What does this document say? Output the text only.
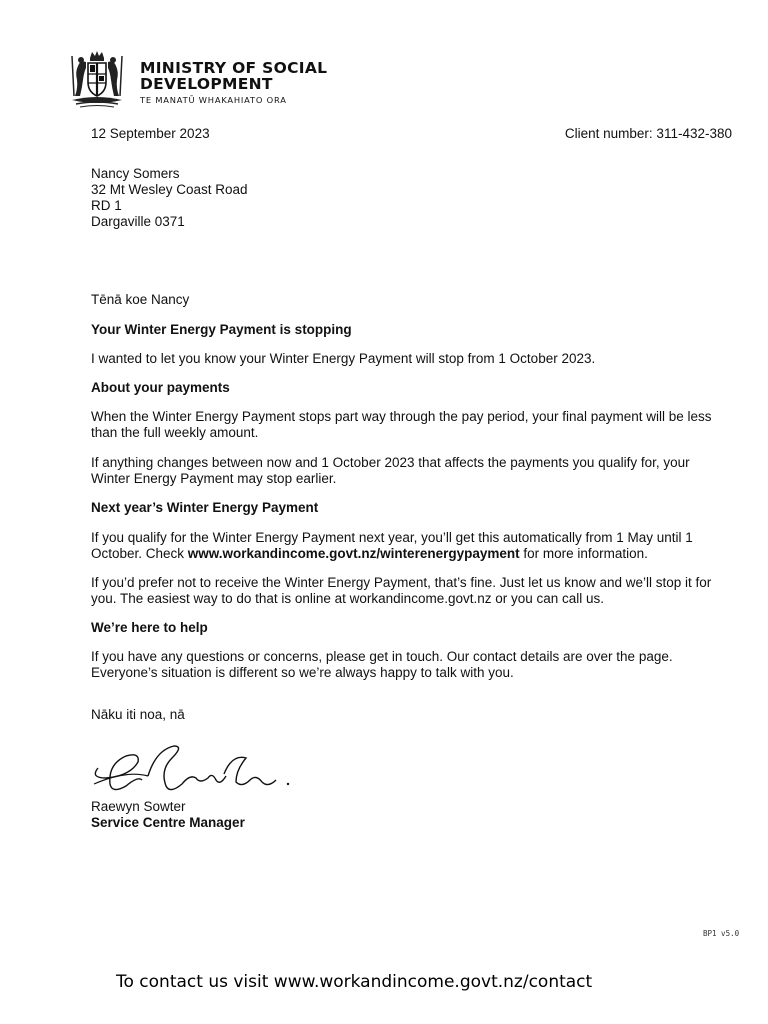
MINISTRY OF SOCIAL
DEVELOPMENT
TE MANATŪ WHAKAHIATO ORA

12 September 2023	Client number: 311-432-380

Nancy Somers
32 Mt Wesley Coast Road
RD 1
Dargaville 0371

Tēnā koe Nancy

Your Winter Energy Payment is stopping

I wanted to let you know your Winter Energy Payment will stop from 1 October 2023.

About your payments

When the Winter Energy Payment stops part way through the pay period, your final payment will be less than the full weekly amount.

If anything changes between now and 1 October 2023 that affects the payments you qualify for, your Winter Energy Payment may stop earlier.

Next year’s Winter Energy Payment

If you qualify for the Winter Energy Payment next year, you’ll get this automatically from 1 May until 1 October. Check www.workandincome.govt.nz/winterenergypayment for more information.

If you’d prefer not to receive the Winter Energy Payment, that’s fine. Just let us know and we’ll stop it for you. The easiest way to do that is online at workandincome.govt.nz or you can call us.

We’re here to help

If you have any questions or concerns, please get in touch. Our contact details are over the page. Everyone’s situation is different so we’re always happy to talk with you.

Nāku iti noa, nā

Raewyn Sowter
Service Centre Manager
BP1 v5.0
To contact us visit www.workandincome.govt.nz/contact
